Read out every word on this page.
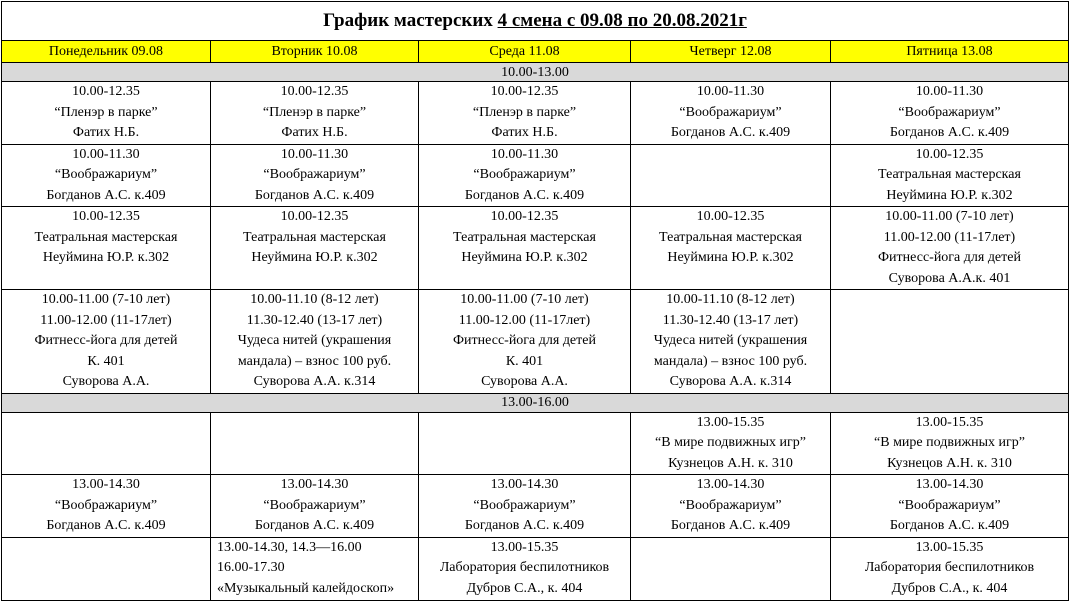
График мастерских 4 смена с 09.08 по 20.08.2021г				
Понедельник 09.08	Вторник 10.08	Среда 11.08	Четверг 12.08	Пятница 13.08
10.00-13.00				

10.00-12.35
“Пленэр в парке”
Фатих Н.Б.	10.00-12.35
“Пленэр в парке”
Фатих Н.Б.	10.00-12.35
“Пленэр в парке”
Фатих Н.Б.	10.00-11.30
“Воображариум”
Богданов А.С. к.409	10.00-11.30
“Воображариум”
Богданов А.С. к.409

10.00-11.30
“Воображариум”
Богданов А.С. к.409	10.00-11.30
“Воображариум”
Богданов А.С. к.409	10.00-11.30
“Воображариум”
Богданов А.С. к.409		10.00-12.35
Театральная мастерская
Неуймина Ю.Р. к.302

10.00-12.35
Театральная мастерская
Неуймина Ю.Р. к.302	10.00-12.35
Театральная мастерская
Неуймина Ю.Р. к.302	10.00-12.35
Театральная мастерская
Неуймина Ю.Р. к.302	10.00-12.35
Театральная мастерская
Неуймина Ю.Р. к.302	10.00-11.00 (7-10 лет)
11.00-12.00 (11-17лет)
Фитнесс-йога для детей
Суворова А.А.к. 401

10.00-11.00 (7-10 лет)
11.00-12.00 (11-17лет)
Фитнесс-йога для детей
К. 401
Суворова А.А.	10.00-11.10 (8-12 лет)
11.30-12.40 (13-17 лет)
Чудеса нитей (украшения
мандала) – взнос 100 руб.
Суворова А.А. к.314	10.00-11.00 (7-10 лет)
11.00-12.00 (11-17лет)
Фитнесс-йога для детей
К. 401
Суворова А.А.	10.00-11.10 (8-12 лет)
11.30-12.40 (13-17 лет)
Чудеса нитей (украшения
мандала) – взнос 100 руб.
Суворова А.А. к.314	

13.00-16.00				

			13.00-15.35
“В мире подвижных игр”
Кузнецов А.Н. к. 310	13.00-15.35
“В мире подвижных игр”
Кузнецов А.Н. к. 310

13.00-14.30
“Воображариум”
Богданов А.С. к.409	13.00-14.30
“Воображариум”
Богданов А.С. к.409	13.00-14.30
“Воображариум”
Богданов А.С. к.409	13.00-14.30
“Воображариум”
Богданов А.С. к.409	13.00-14.30
“Воображариум”
Богданов А.С. к.409

	13.00-14.30, 14.3—16.00
16.00-17.30
«Музыкальный калейдоскоп»	13.00-15.35
Лаборатория беспилотников
Дубров С.А., к. 404		13.00-15.35
Лаборатория беспилотников
Дубров С.А., к. 404
